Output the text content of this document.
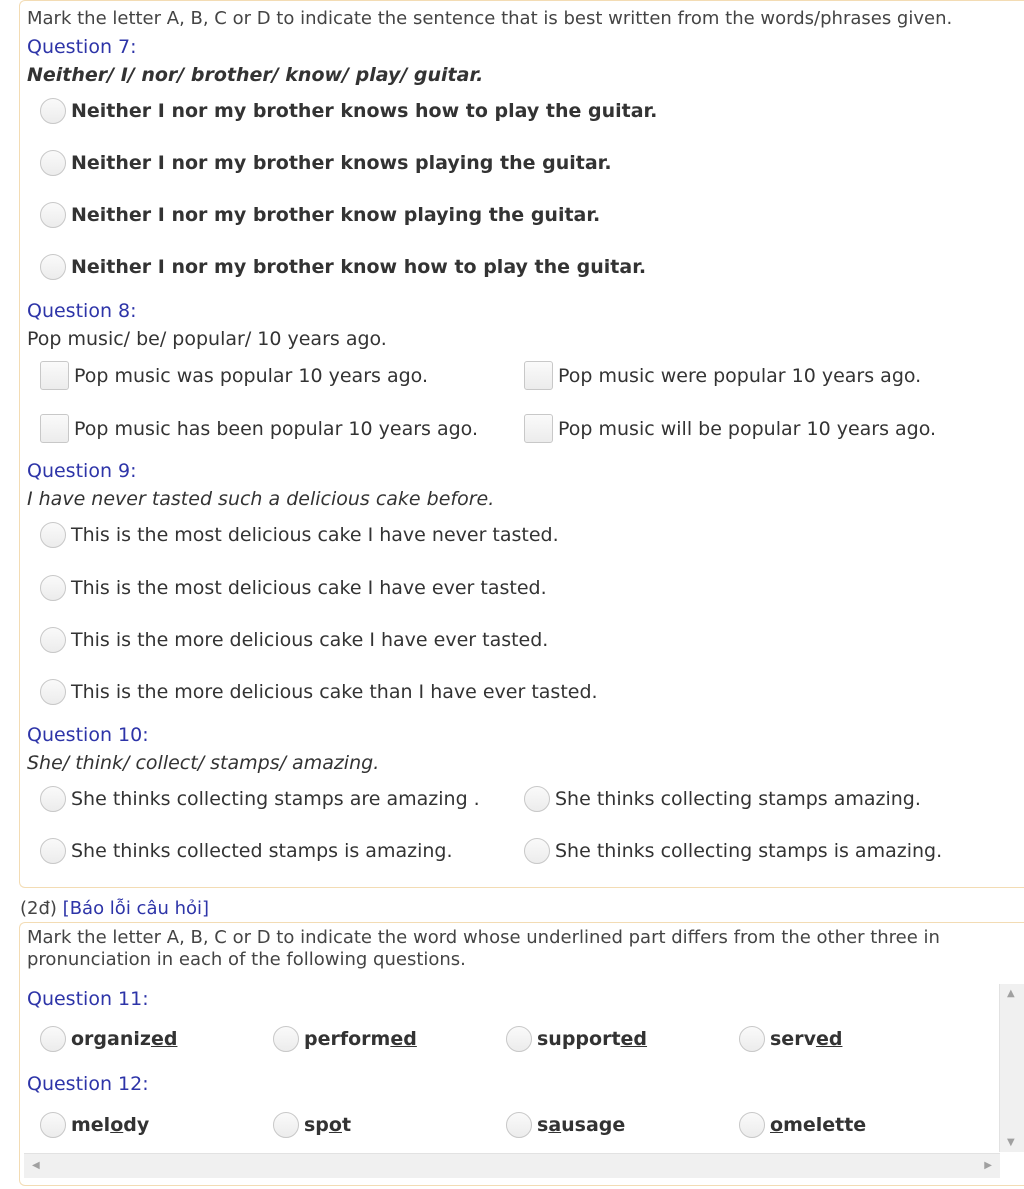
Mark the letter A, B, C or D to indicate the sentence that is best written from the words/phrases given.
Question 7:
Neither/ I/ nor/ brother/ know/ play/ guitar.
Neither I nor my brother knows how to play the guitar.
Neither I nor my brother knows playing the guitar.
Neither I nor my brother know playing the guitar.
Neither I nor my brother know how to play the guitar.
Question 8:
Pop music/ be/ popular/ 10 years ago.
Pop music was popular 10 years ago.	Pop music were popular 10 years ago.
Pop music has been popular 10 years ago.	Pop music will be popular 10 years ago.
Question 9:
I have never tasted such a delicious cake before.
This is the most delicious cake I have never tasted.
This is the most delicious cake I have ever tasted.
This is the more delicious cake I have ever tasted.
This is the more delicious cake than I have ever tasted.
Question 10:
She/ think/ collect/ stamps/ amazing.
She thinks collecting stamps are amazing .	She thinks collecting stamps amazing.
She thinks collected stamps is amazing.	She thinks collecting stamps is amazing.
(2đ) [Báo lỗi câu hỏi]
Mark the letter A, B, C or D to indicate the word whose underlined part differs from the other three in
pronunciation in each of the following questions.
Question 11:
organized	performed	supported	served
Question 12:
melody	spot	sausage	omelette
▲
▼
◀	▶
